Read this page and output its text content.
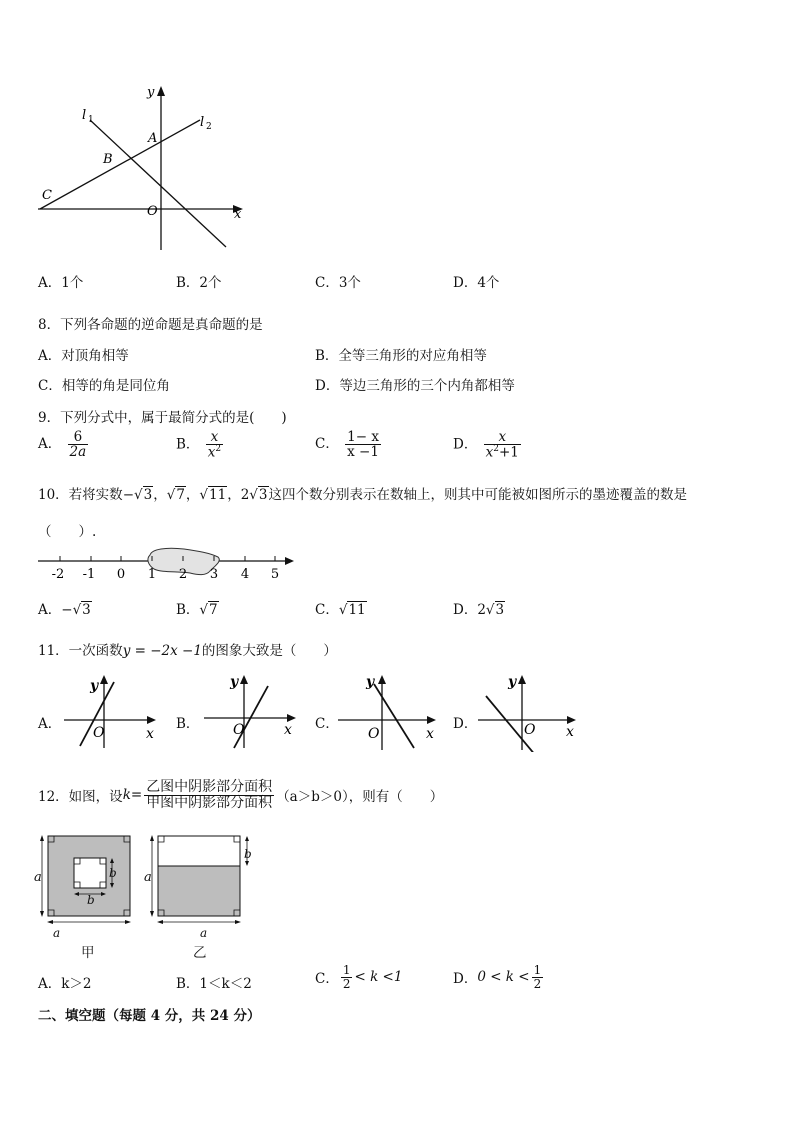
y
x
O
l 1	l 2
A
B
C
A．1个	B．2个	C．3个	D．4个
8．下列各命题的逆命题是真命题的是
A．对顶角相等	B．全等三角形的对应角相等
C．相等的角是同位角	D．等边三角形的三个内角都相等
9．下列分式中，属于最简分式的是(　　)
A． $\frac{6}{2a}$	B． $\frac{x}{x^2}$	C． $\frac{1- x}{x -1}$	D． $\frac{x}{x^2+1}$
10．若将实数−√3，√7，√11，2√3这四个数分别表示在数轴上，则其中可能被如图所示的墨迹覆盖的数是
（　　）.
-2 -1 0 1 2 3 4 5
A．−√3	B．√7	C．√11	D．2√3
11．一次函数y = −2x −1的图象大致是（　　）
A．
y
x
O
B．
y
x
O	C．
y
x
O
D．
y
x
O
12．如图，设 $k= \frac{\text{乙图中阴影部分面积}}{\text{甲图中阴影部分面积}} (a>b>0)$，则有（　　）
a	b
b
a
a
b
a
甲	乙
A．k＞2	B．1＜k＜2	C． $\frac{1}{2} < k <1$	D． $0 < k < \frac{1}{2}$
二、填空题（每题 4 分，共 24 分）
